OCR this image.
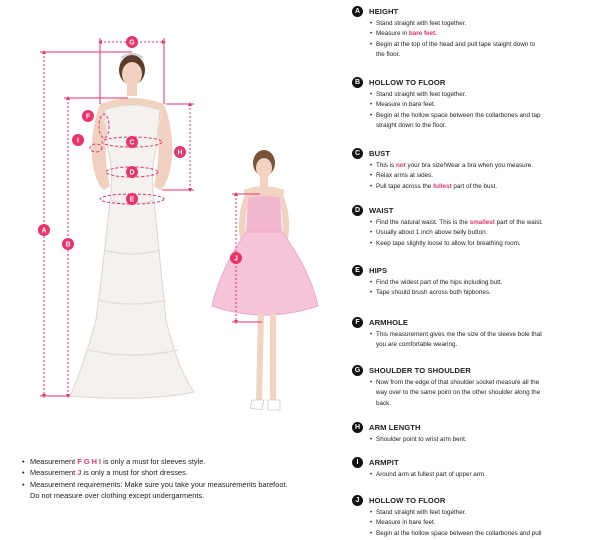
A
B
C
D
E
F
G
H
I
J
• Measurement F G H I is only a must for sleeves style.
• Measurement J is only a must for short dresses.
• Measurement requirements: Make sure you take your measurements barefoot.
Do not measure over clothing except undergarments.
A	HEIGHT
• Stand straight with feet together.
• Measure in bare feet.
• Begin at the top of the head and pull tape staight down to
the floor.
B	HOLLOW TO FLOOR
• Stand straight with feet together.
• Measure in bare feet.
• Begin at the hollow space between the collarbones and tap
straight down to the floor.
C	BUST
• This is not your bra size!Wear a bra when you measure.
• Relax arms at sides.
• Pull tape across the fullest part of the bust.
D	WAIST
• Find the natural waist. This is the smallest part of the waist.
• Usually about 1 inch above belly button.
• Keep tape slightly loose to allow for breathing room.
E	HIPS
• Find the widest part of the hips including butt.
• Tape should brush across both hipbones.
F	ARMHOLE
• This measurement gives me the size of the sleeve bole that
you are comfortable wearing.
G	SHOULDER TO SHOULDER
• Now from the edge of that shoulder socket measure all the
way over to the same point on the other shoulder along the
back.
H	ARM LENGTH
• Shoulder point to wrist arm bent.
I	ARMPIT
• Around arm at fullest part of upper arm.
J	HOLLOW TO FLOOR
• Stand straight with feet together.
• Measure in bare feet.
• Begin at the hollow space between the collarbones and pull
